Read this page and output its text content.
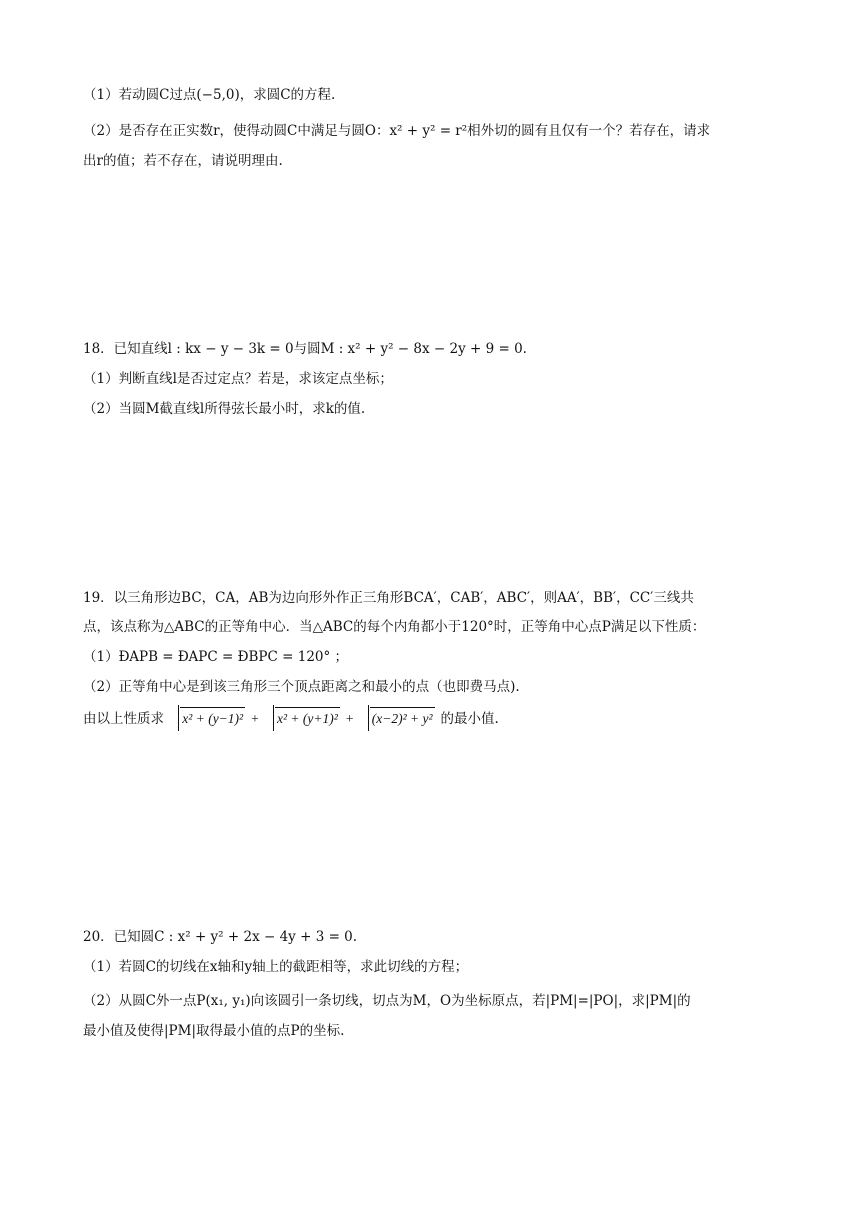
（1）若动圆C过点(−5,0)，求圆C的方程.
（2）是否存在正实数r，使得动圆C中满足与圆O：x² + y² = r²相外切的圆有且仅有一个？若存在，请求
出r的值；若不存在，请说明理由.
18．已知直线l : kx − y − 3k = 0与圆M : x² + y² − 8x − 2y + 9 = 0.
（1）判断直线l是否过定点？若是，求该定点坐标；
（2）当圆M截直线l所得弦长最小时，求k的值.
19．以三角形边BC，CA，AB为边向形外作正三角形BCA′，CAB′，ABC′，则AA′，BB′，CC′三线共
点，该点称为△ABC的正等角中心．当△ABC的每个内角都小于120°时，正等角中心点P满足以下性质：
（1）ÐAPB = ÐAPC = ÐBPC = 120° ；
（2）正等角中心是到该三角形三个顶点距离之和最小的点（也即费马点).
由以上性质求 x² + (y−1)² + x² + (y+1)² + (x−2)² + y² 的最小值.
20．已知圆C : x² + y² + 2x − 4y + 3 = 0.
（1）若圆C的切线在x轴和y轴上的截距相等，求此切线的方程；
（2）从圆C外一点P(x₁, y₁)向该圆引一条切线，切点为M，O为坐标原点，若|PM|=|PO|，求|PM|的
最小值及使得|PM|取得最小值的点P的坐标.
